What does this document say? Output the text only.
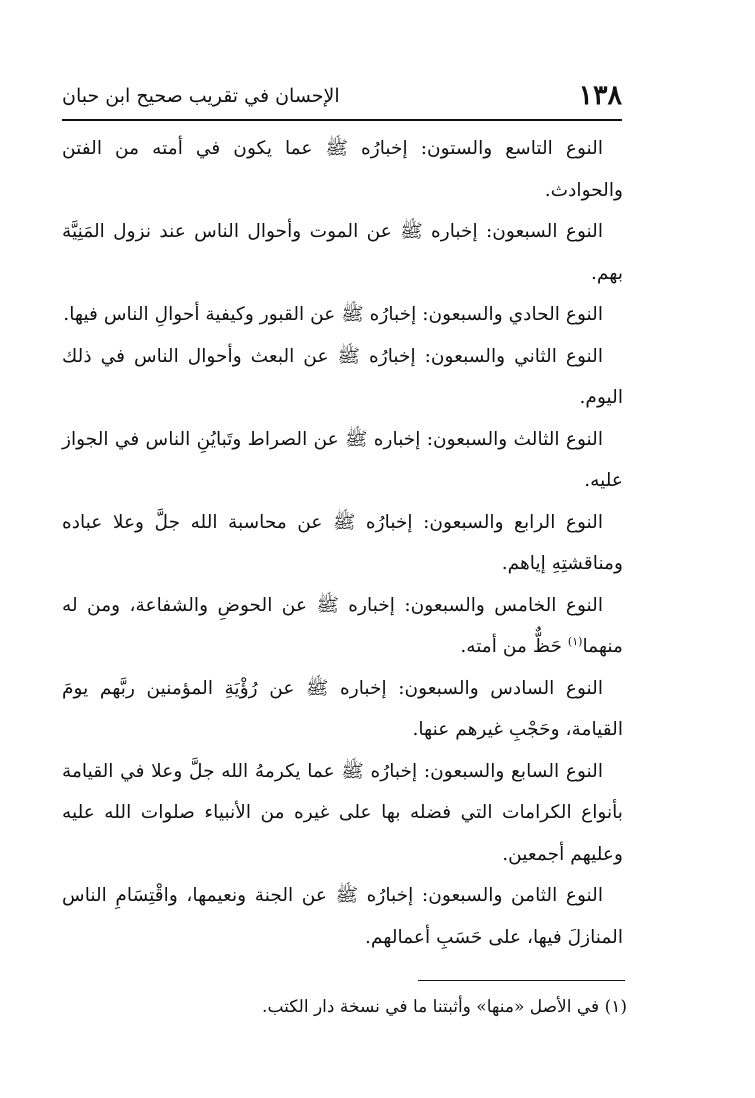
١٣٨
الإحسان في تقريب صحيح ابن حبان

النوع التاسع والستون: إخبارُه ﷺ عما يكون في أمته من الفتن والحوادث.

النوع السبعون: إخباره ﷺ عن الموت وأحوال الناس عند نزول المَنِيَّة بهم.

النوع الحادي والسبعون: إخبارُه ﷺ عن القبور وكيفية أحوالِ الناس فيها.

النوع الثاني والسبعون: إخبارُه ﷺ عن البعث وأحوال الناس في ذلك اليوم.

النوع الثالث والسبعون: إخباره ﷺ عن الصراط وتَبايُنِ الناس في الجواز عليه.

النوع الرابع والسبعون: إخبارُه ﷺ عن محاسبة الله جلَّ وعلا عباده ومناقشتِهِ إياهم.

النوع الخامس والسبعون: إخباره ﷺ عن الحوضِ والشفاعة، ومن له منهما$^{(١)}$ حَظٌّ من أمته.

النوع السادس والسبعون: إخباره ﷺ عن رُؤْيَةِ المؤمنين ربَّهم يومَ القيامة، وحَجْبِ غيرهم عنها.

النوع السابع والسبعون: إخبارُه ﷺ عما يكرمهُ الله جلَّ وعلا في القيامة بأنواع الكرامات التي فضله بها على غيره من الأنبياء صلوات الله عليه وعليهم أجمعين.

النوع الثامن والسبعون: إخبارُه ﷺ عن الجنة ونعيمها، واقْتِسَامِ الناس المنازلَ فيها، على حَسَبِ أعمالهم.

(١) في الأصل «منها» وأثبتنا ما في نسخة دار الكتب.
